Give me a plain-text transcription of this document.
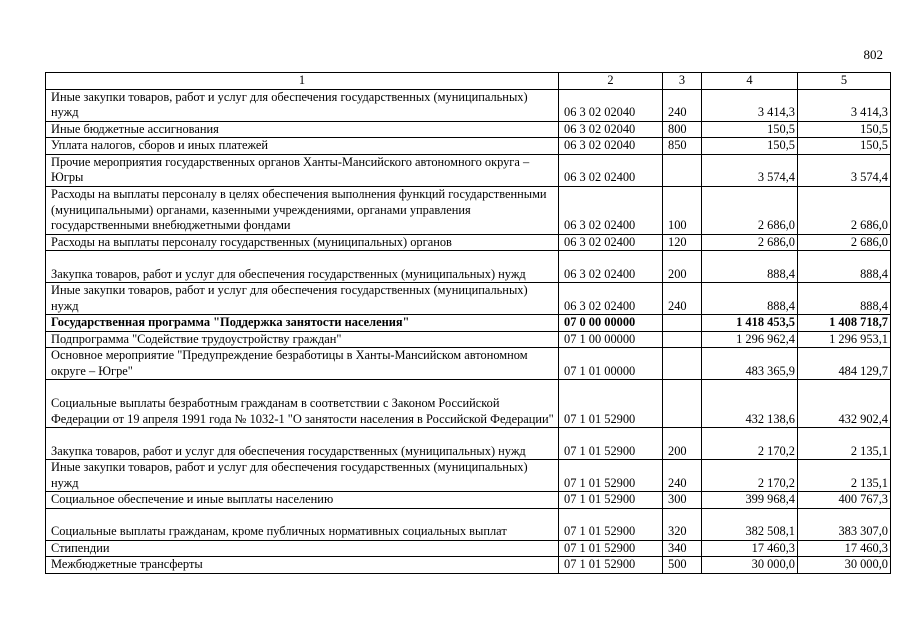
802
1	2	3	4	5
Иные закупки товаров, работ и услуг для обеспечения государственных (муниципальных) нужд	06 3 02 02040	240	3 414,3	3 414,3
Иные бюджетные ассигнования	06 3 02 02040	800	150,5	150,5
Уплата налогов, сборов и иных платежей	06 3 02 02040	850	150,5	150,5
Прочие мероприятия государственных органов Ханты-Мансийского автономного округа – Югры	06 3 02 02400		3 574,4	3 574,4
Расходы на выплаты персоналу в целях обеспечения выполнения функций государственными (муниципальными) органами, казенными учреждениями, органами управления государственными внебюджетными фондами	06 3 02 02400	100	2 686,0	2 686,0
Расходы на выплаты персоналу государственных (муниципальных) органов	06 3 02 02400	120	2 686,0	2 686,0
Закупка товаров, работ и услуг для обеспечения государственных (муниципальных) нужд	06 3 02 02400	200	888,4	888,4
Иные закупки товаров, работ и услуг для обеспечения государственных (муниципальных) нужд	06 3 02 02400	240	888,4	888,4
Государственная программа "Поддержка занятости населения"	07 0 00 00000		1 418 453,5	1 408 718,7
Подпрограмма "Содействие трудоустройству граждан"	07 1 00 00000		1 296 962,4	1 296 953,1
Основное мероприятие "Предупреждение безработицы в Ханты-Мансийском автономном округе – Югре"	07 1 01 00000		483 365,9	484 129,7
Социальные выплаты безработным гражданам в соответствии с Законом Российской Федерации от 19 апреля 1991 года № 1032-1 "О занятости населения в Российской Федерации"	07 1 01 52900		432 138,6	432 902,4
Закупка товаров, работ и услуг для обеспечения государственных (муниципальных) нужд	07 1 01 52900	200	2 170,2	2 135,1
Иные закупки товаров, работ и услуг для обеспечения государственных (муниципальных) нужд	07 1 01 52900	240	2 170,2	2 135,1
Социальное обеспечение и иные выплаты населению	07 1 01 52900	300	399 968,4	400 767,3
Социальные выплаты гражданам, кроме публичных нормативных социальных выплат	07 1 01 52900	320	382 508,1	383 307,0
Стипендии	07 1 01 52900	340	17 460,3	17 460,3
Межбюджетные трансферты	07 1 01 52900	500	30 000,0	30 000,0
